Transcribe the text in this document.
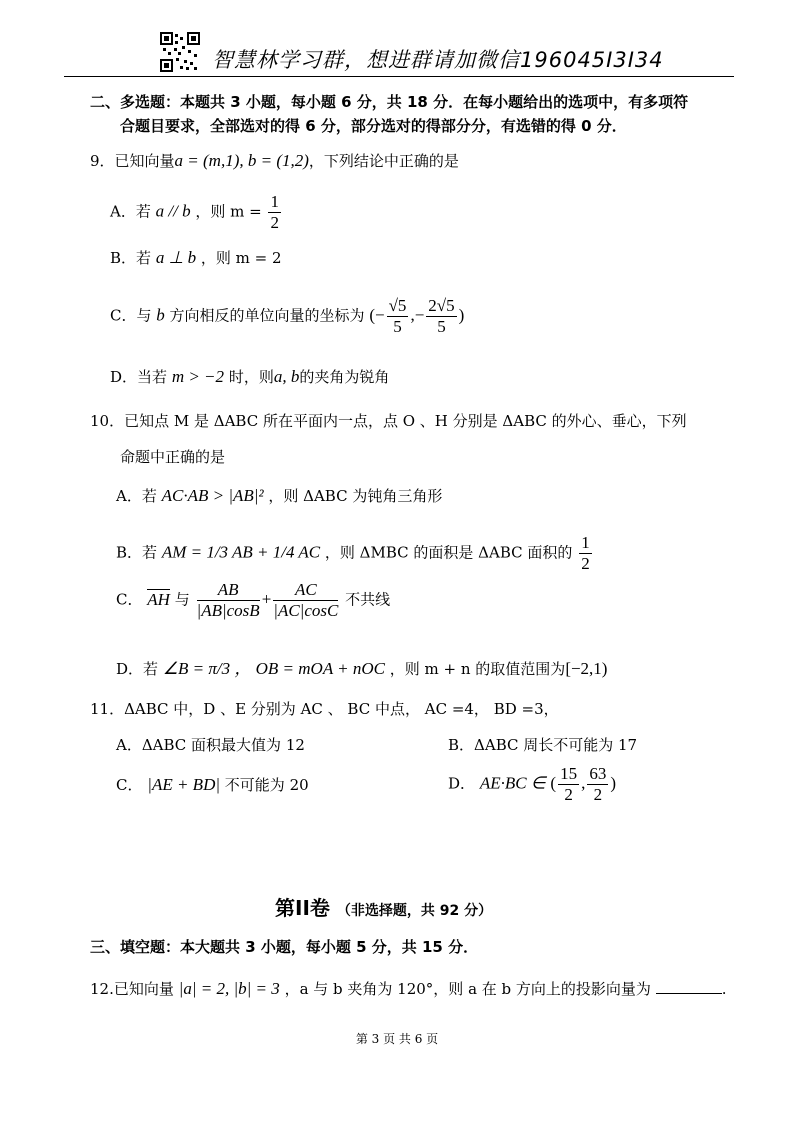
智慧林学习群，想进群请加微信196045I3I34
二、多选题：本题共 3 小题，每小题 6 分，共 18 分．在每小题给出的选项中，有多项符
合题目要求，全部选对的得 6 分，部分选对的得部分分，有选错的得 0 分．
9．已知向量a = (m,1), b = (1,2)，下列结论中正确的是
A．若 a // b ，则 $m = \frac{1}{2}$
B．若 a ⊥ b ，则 m = 2
C．与 b 方向相反的单位向量的坐标为 (− $\frac{√5}{5}$ ,− $\frac{2√5}{5}$ )
D．当若 m > −2 时，则a, b的夹角为锐角
10．已知点 M 是 ΔABC 所在平面内一点，点 O 、H 分别是 ΔABC 的外心、垂心，下列
命题中正确的是
A．若 AC·AB > |AB|² ，则 ΔABC 为钝角三角形
B．若 AM = 1/3 AB + 1/4 AC ，则 ΔMBC 的面积是 ΔABC 面积的 $\frac{1}{2}$
C． AH 与 $\frac{AB}{|AB|\cos B} + \frac{AC}{|AC|\cos C}$ 不共线
D．若 ∠B = π/3 ， OB = mOA + nOC ，则 m + n 的取值范围为[−2,1)
11．ΔABC 中，D 、E 分别为 AC 、 BC 中点， AC =4， BD =3，
A．ΔABC 面积最大值为 12	B．ΔABC 周长不可能为 17
C． |AE + BD| 不可能为 20	D． AE·BC ∈ ( $\frac{15}{2}$ , $\frac{63}{2}$ )
第II卷 （非选择题，共 92 分）
三、填空题：本大题共 3 小题，每小题 5 分，共 15 分．
12.已知向量 |a| = 2, |b| = 3 ，a 与 b 夹角为 120°，则 a 在 b 方向上的投影向量为	.
第 3 页 共 6 页
